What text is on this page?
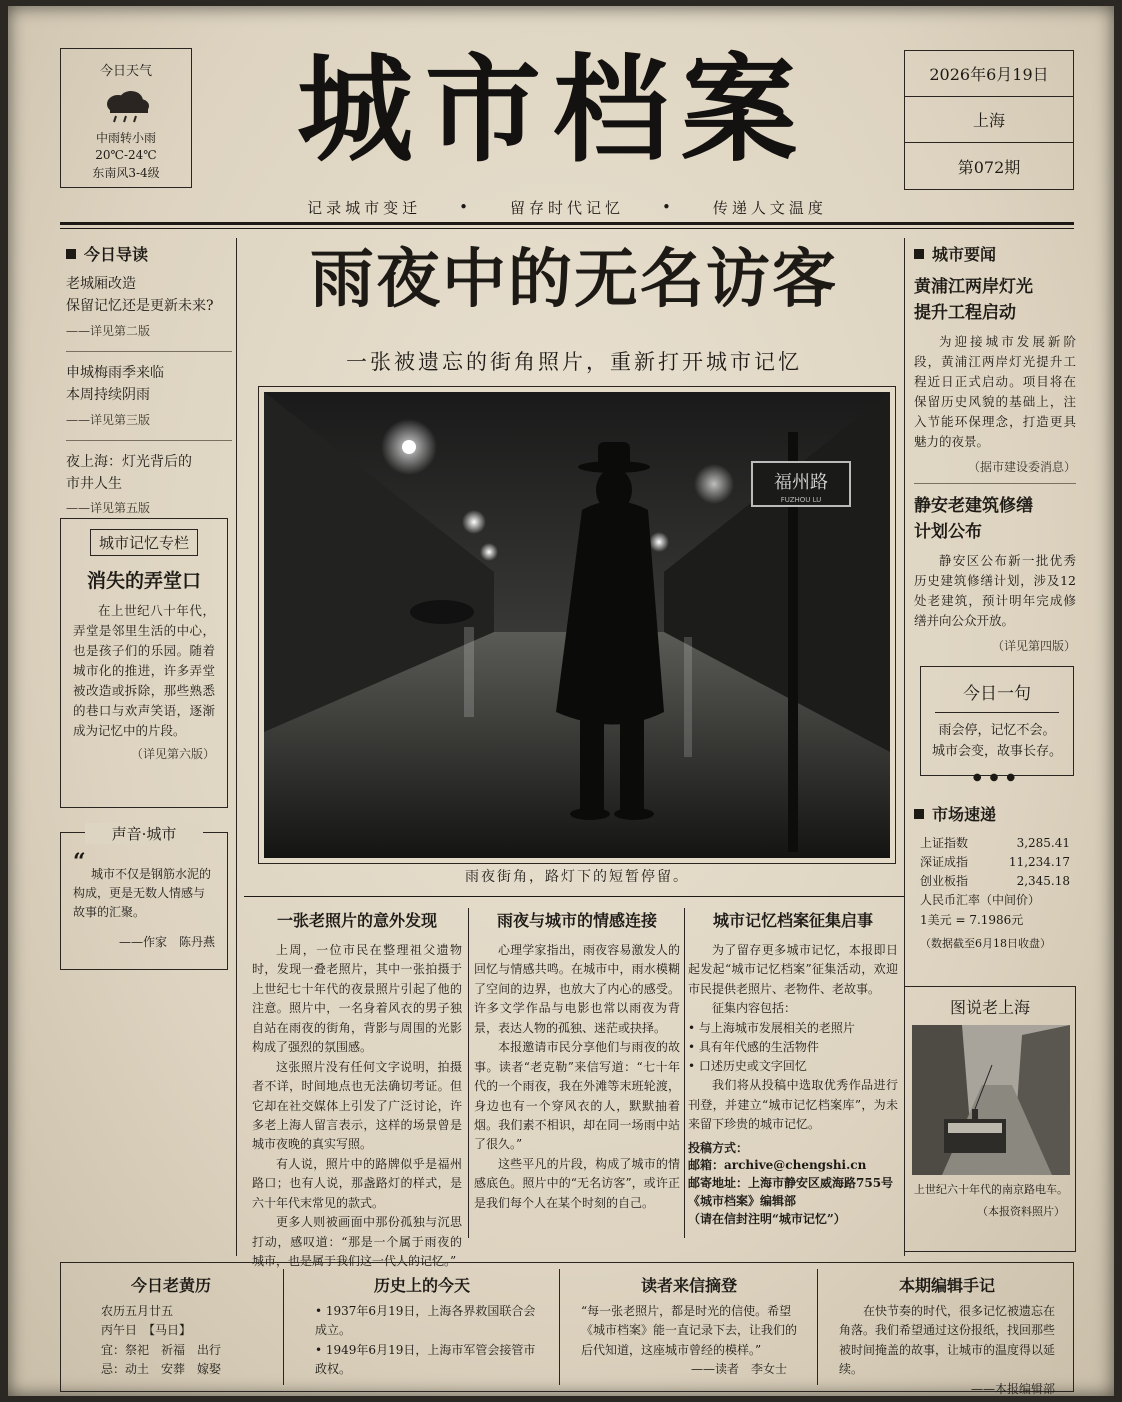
今日天气
中雨转小雨
20℃-24℃
东南风3-4级 城市档案	2026年6月19日
上海
第072期
记录城市变迁	•	留存时代记忆	•	传递人文温度
今日导读
老城厢改造
保留记忆还是更新未来?
——详见第二版
申城梅雨季来临
本周持续阴雨
——详见第三版
夜上海：灯光背后的
市井人生
——详见第五版
城市记忆专栏
消失的弄堂口

在上世纪八十年代，弄堂是邻里生活的中心，也是孩子们的乐园。随着城市化的推进，许多弄堂被改造或拆除，那些熟悉的巷口与欢声笑语，逐渐成为记忆中的片段。

（详见第六版）
声音·城市
“ 城市不仅是钢筋水泥的构成，更是无数人情感与故事的汇聚。

——作家　陈丹燕
雨夜中的无名访客
一张被遗忘的街角照片，重新打开城市记忆
福州路
FUZHOU LU
雨夜街角，路灯下的短暂停留。
一张老照片的意外发现

上周，一位市民在整理祖父遗物时，发现一叠老照片，其中一张拍摄于上世纪七十年代的夜景照片引起了他的注意。照片中，一名身着风衣的男子独自站在雨夜的街角，背影与周围的光影构成了强烈的氛围感。

这张照片没有任何文字说明，拍摄者不详，时间地点也无法确切考证。但它却在社交媒体上引发了广泛讨论，许多老上海人留言表示，这样的场景曾是城市夜晚的真实写照。

有人说，照片中的路牌似乎是福州路口；也有人说，那盏路灯的样式，是六十年代末常见的款式。

更多人则被画面中那份孤独与沉思打动，感叹道：“那是一个属于雨夜的城市，也是属于我们这一代人的记忆。”

雨夜与城市的情感连接

心理学家指出，雨夜容易激发人的回忆与情感共鸣。在城市中，雨水模糊了空间的边界，也放大了内心的感受。许多文学作品与电影也常以雨夜为背景，表达人物的孤独、迷茫或抉择。

本报邀请市民分享他们与雨夜的故事。读者“老克勒”来信写道：“七十年代的一个雨夜，我在外滩等末班轮渡，身边也有一个穿风衣的人，默默抽着烟。我们素不相识，却在同一场雨中站了很久。”

这些平凡的片段，构成了城市的情感底色。照片中的“无名访客”，或许正是我们每个人在某个时刻的自己。

城市记忆档案征集启事

为了留存更多城市记忆，本报即日起发起“城市记忆档案”征集活动，欢迎市民提供老照片、老物件、老故事。

征集内容包括：

• 与上海城市发展相关的老照片
• 具有年代感的生活物件
• 口述历史或文字回忆

我们将从投稿中选取优秀作品进行刊登，并建立“城市记忆档案库”，为未来留下珍贵的城市记忆。

投稿方式：
邮箱：archive@chengshi.cn
邮寄地址：上海市静安区威海路755号《城市档案》编辑部
（请在信封注明“城市记忆”）
城市要闻
黄浦江两岸灯光
提升工程启动

为迎接城市发展新阶段，黄浦江两岸灯光提升工程近日正式启动。项目将在保留历史风貌的基础上，注入节能环保理念，打造更具魅力的夜景。

（据市建设委消息）
静安老建筑修缮
计划公布

静安区公布新一批优秀历史建筑修缮计划，涉及12处老建筑，预计明年完成修缮并向公众开放。

（详见第四版）
今日一句
雨会停，记忆不会。
城市会变，故事长存。
●●●
市场速递
上证指数	3,285.41
深证成指	11,234.17
创业板指	2,345.18
人民币汇率（中间价）
1美元 = 7.1986元
（数据截至6月18日收盘）
图说老上海
上世纪六十年代的南京路电车。
（本报资料照片）
今日老黄历

农历五月廿五

丙午日　【马日】

宜：祭祀　祈福　出行

忌：动土　安葬　嫁娶

历史上的今天
• 1937年6月19日，上海各界救国联合会成立。
• 1949年6月19日，上海市军管会接管市政权。
读者来信摘登

“每一张老照片，都是时光的信使。希望《城市档案》能一直记录下去，让我们的后代知道，这座城市曾经的模样。”

——读者　李女士

本期编辑手记

在快节奏的时代，很多记忆被遗忘在角落。我们希望通过这份报纸，找回那些被时间掩盖的故事，让城市的温度得以延续。

——本报编辑部
